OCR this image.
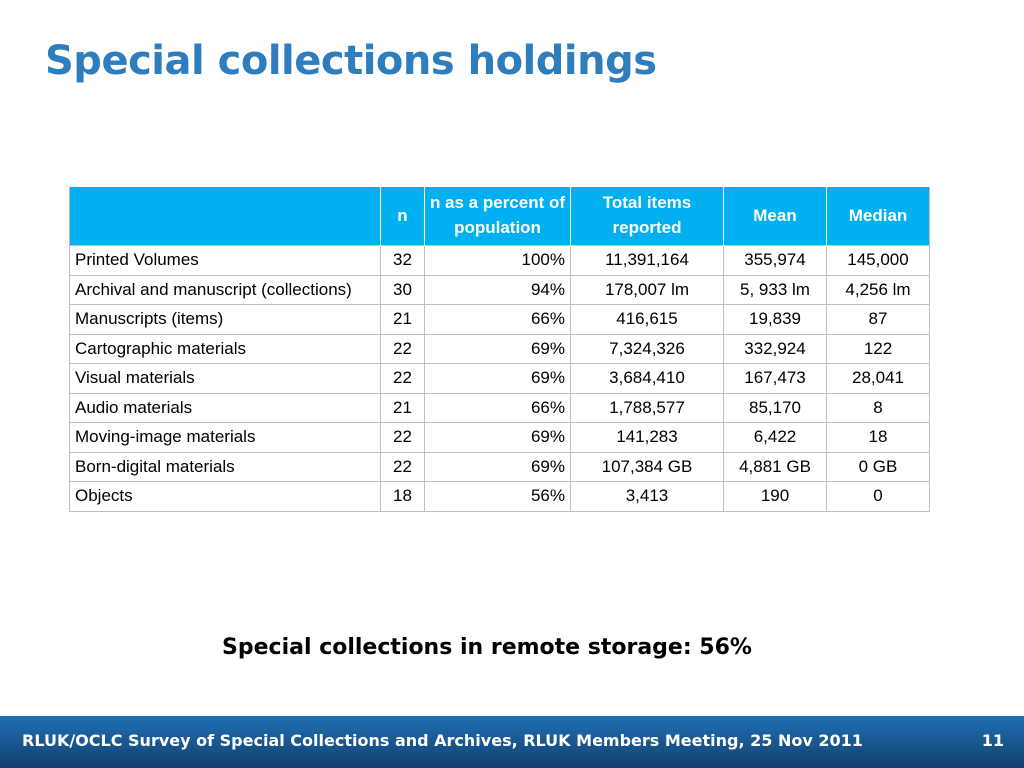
Special collections holdings
	n	n as a percent of population	Total items reported	Mean	Median
Printed Volumes	32	100%	11,391,164	355,974	145,000
Archival and manuscript (collections)	30	94%	178,007 lm	5, 933 lm	4,256 lm
Manuscripts (items)	21	66%	416,615	19,839	87
Cartographic materials	22	69%	7,324,326	332,924	122
Visual materials	22	69%	3,684,410	167,473	28,041
Audio materials	21	66%	1,788,577	85,170	8
Moving-image materials	22	69%	141,283	6,422	18
Born-digital materials	22	69%	107,384 GB	4,881 GB	0 GB
Objects	18	56%	3,413	190	0
Special collections in remote storage: 56%
RLUK/OCLC Survey of Special Collections and Archives, RLUK Members Meeting, 25 Nov 2011	11
